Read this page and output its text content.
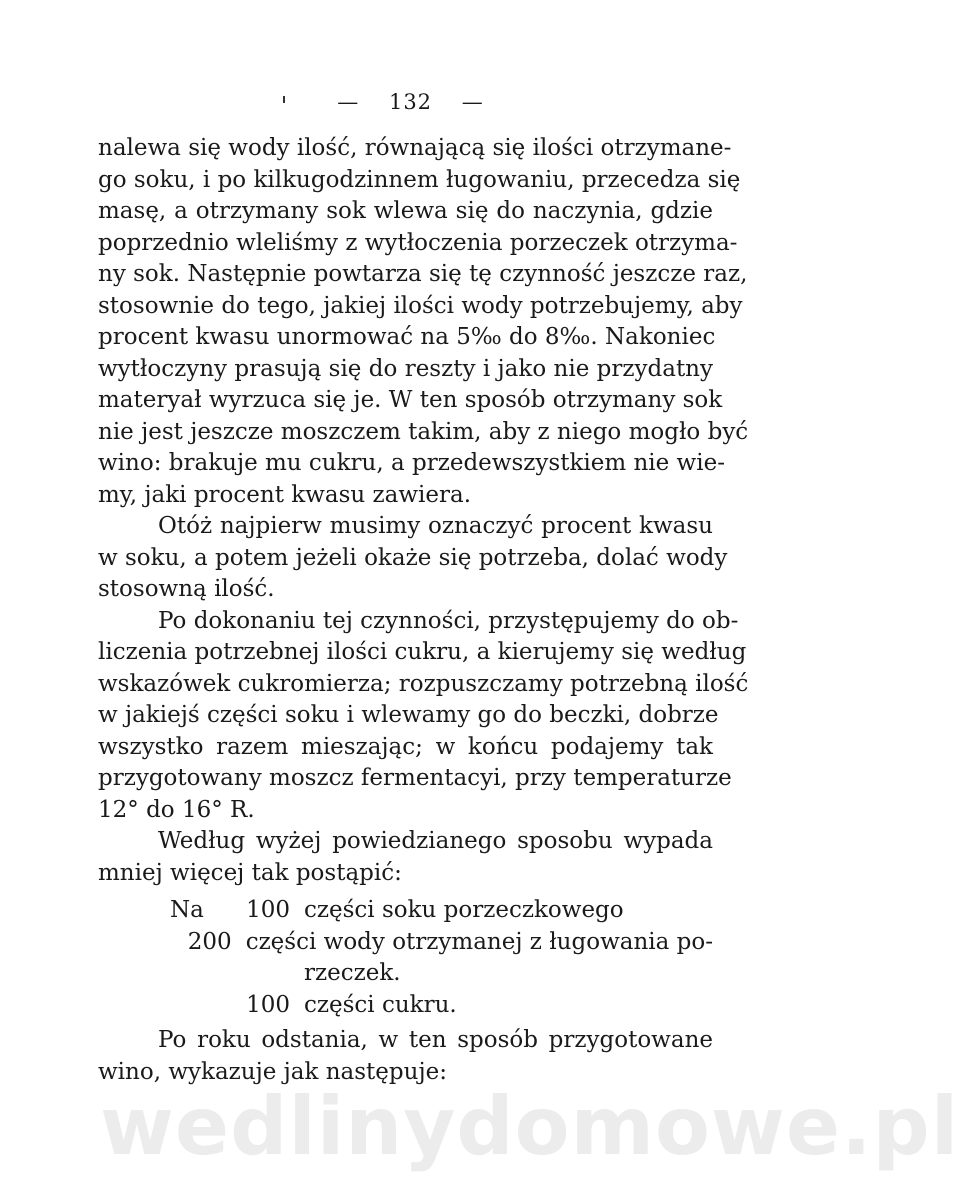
— 132 —

nalewa się wody ilość, równającą się ilości otrzymane-
go soku, i po kilkugodzinnem ługowaniu, przecedza się
masę, a otrzymany sok wlewa się do naczynia, gdzie
poprzednio wleliśmy z wytłoczenia porzeczek otrzyma-
ny sok. Następnie powtarza się tę czynność jeszcze raz,
stosownie do tego, jakiej ilości wody potrzebujemy, aby
procent kwasu unormować na 5‰ do 8‰. Nakoniec
wytłoczyny prasują się do reszty i jako nie przydatny
materyał wyrzuca się je. W ten sposób otrzymany sok
nie jest jeszcze moszczem takim, aby z niego mogło być
wino: brakuje mu cukru, a przedewszystkiem nie wie-
my, jaki procent kwasu zawiera.

Otóż najpierw musimy oznaczyć procent kwasu
w soku, a potem jeżeli okaże się potrzeba, dolać wody
stosowną ilość.

Po dokonaniu tej czynności, przystępujemy do ob-
liczenia potrzebnej ilości cukru, a kierujemy się według
wskazówek cukromierza; rozpuszczamy potrzebną ilość
w jakiejś części soku i wlewamy go do beczki, dobrze
wszystko razem mieszając; w końcu podajemy tak
przygotowany moszcz fermentacyi, przy temperaturze
12° do 16° R.

Według wyżej powiedzianego sposobu wypada
mniej więcej tak postąpić:

Na	100 części soku porzeczkowego
200 części wody otrzymanej z ługowania po-
rzeczek.
100 części cukru.

Po roku odstania, w ten sposób przygotowane
wino, wykazuje jak następuje:

wedlinydomowe.pl
